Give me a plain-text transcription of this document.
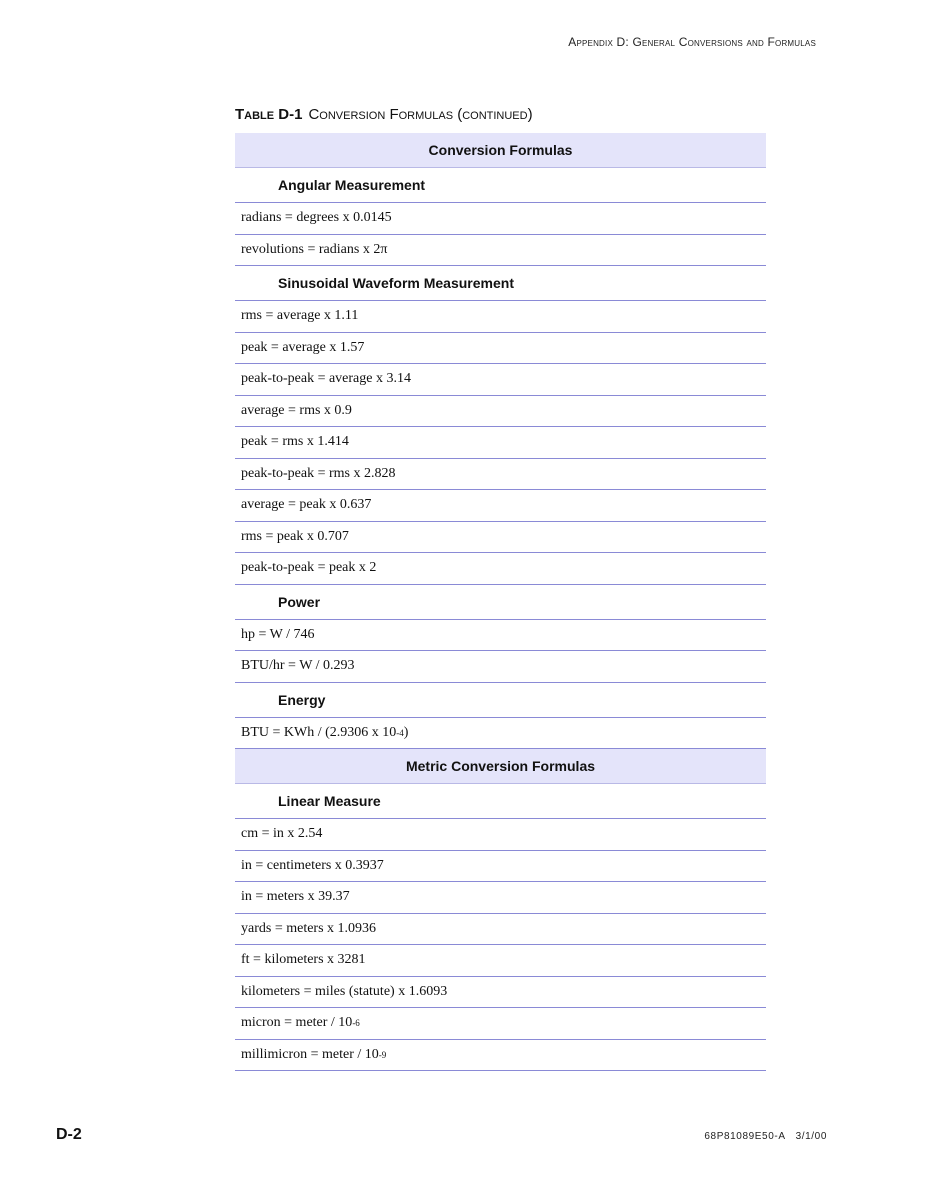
Appendix D: General Conversions and Formulas
Table D-1 Conversion Formulas (continued)
Conversion Formulas
Angular Measurement
radians = degrees x 0.0145
revolutions = radians x 2π
Sinusoidal Waveform Measurement
rms = average x 1.11
peak = average x 1.57
peak-to-peak = average x 3.14
average = rms x 0.9
peak = rms x 1.414
peak-to-peak = rms x 2.828
average = peak x 0.637
rms = peak x 0.707
peak-to-peak = peak x 2
Power
hp = W / 746
BTU/hr = W / 0.293
Energy
BTU = KWh / (2.9306 x 10 -4 )
Metric Conversion Formulas
Linear Measure
cm = in x 2.54
in = centimeters x 0.3937
in = meters x 39.37
yards = meters x 1.0936
ft = kilometers x 3281
kilometers = miles (statute) x 1.6093
micron = meter / 10 -6
millimicron = meter / 10 -9
D-2	68P81089E50-A 3/1/00
